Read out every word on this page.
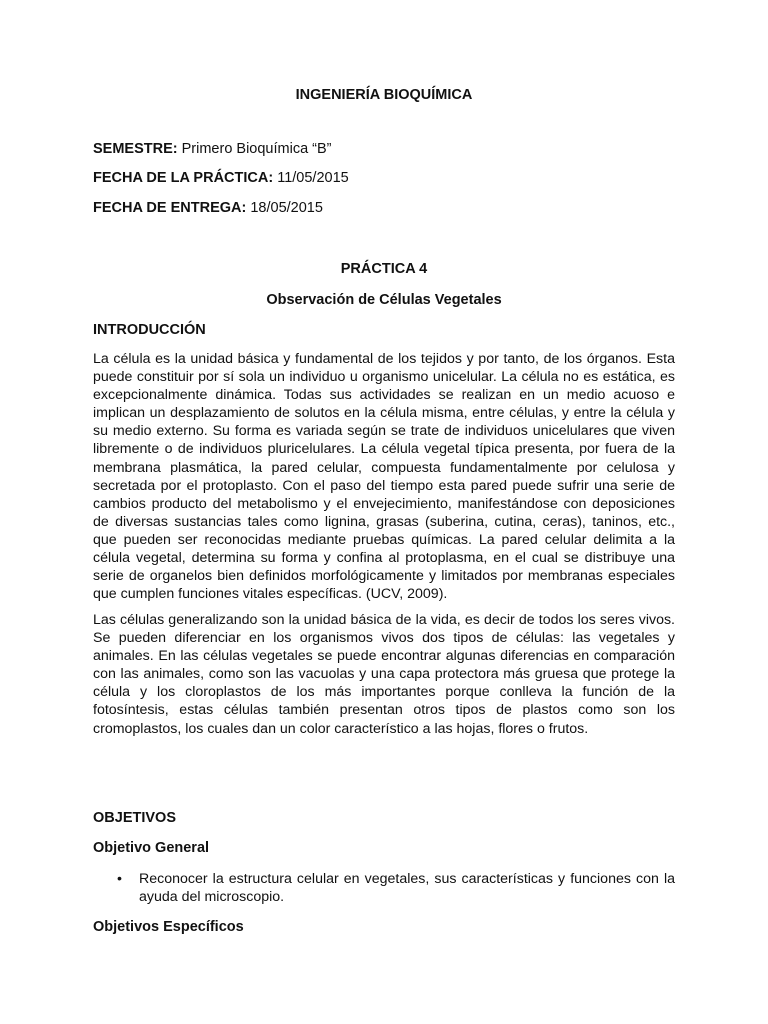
INGENIERÍA BIOQUÍMICA
SEMESTRE: Primero Bioquímica “B”
FECHA DE LA PRÁCTICA: 11/05/2015
FECHA DE ENTREGA: 18/05/2015
PRÁCTICA 4
Observación de Células Vegetales
INTRODUCCIÓN

La célula es la unidad básica y fundamental de los tejidos y por tanto, de los órganos. Esta puede constituir por sí sola un individuo u organismo unicelular. La célula no es estática, es excepcionalmente dinámica. Todas sus actividades se realizan en un medio acuoso e implican un desplazamiento de solutos en la célula misma, entre células, y entre la célula y su medio externo. Su forma es variada según se trate de individuos unicelulares que viven libremente o de individuos pluricelulares. La célula vegetal típica presenta, por fuera de la membrana plasmática, la pared celular, compuesta fundamentalmente por celulosa y secretada por el protoplasto. Con el paso del tiempo esta pared puede sufrir una serie de cambios producto del metabolismo y el envejecimiento, manifestándose con deposiciones de diversas sustancias tales como lignina, grasas (suberina, cutina, ceras), taninos, etc., que pueden ser reconocidas mediante pruebas químicas. La pared celular delimita a la célula vegetal, determina su forma y confina al protoplasma, en el cual se distribuye una serie de organelos bien definidos morfológicamente y limitados por membranas especiales que cumplen funciones vitales específicas. (UCV, 2009).

Las células generalizando son la unidad básica de la vida, es decir de todos los seres vivos. Se pueden diferenciar en los organismos vivos dos tipos de células: las vegetales y animales. En las células vegetales se puede encontrar algunas diferencias en comparación con las animales, como son las vacuolas y una capa protectora más gruesa que protege la célula y los cloroplastos de los más importantes porque conlleva la función de la fotosíntesis, estas células también presentan otros tipos de plastos como son los cromoplastos, los cuales dan un color característico a las hojas, flores o frutos.

OBJETIVOS
Objetivo General
• Reconocer la estructura celular en vegetales, sus características y funciones con la ayuda del microscopio.
Objetivos Específicos
